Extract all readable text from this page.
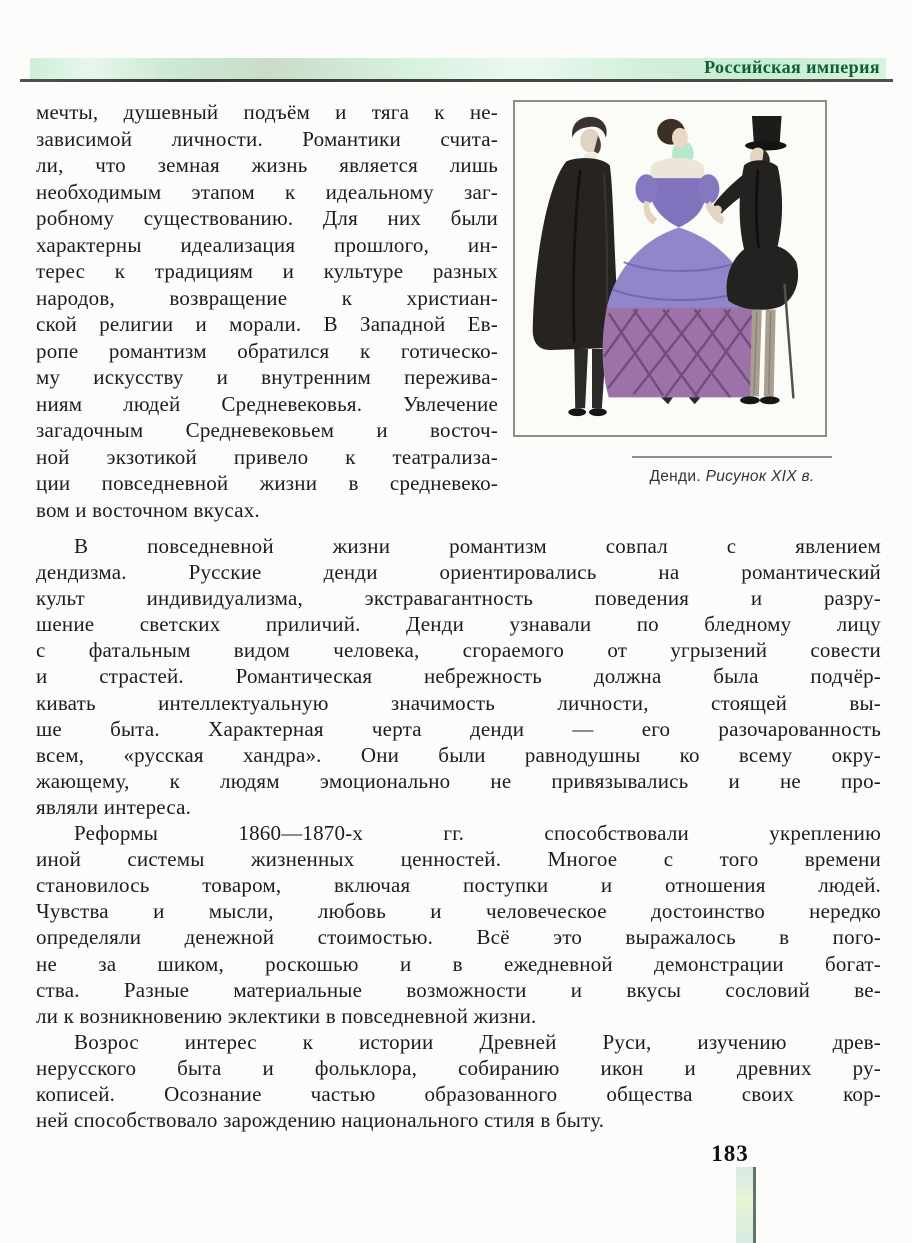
Российская империя
мечты, душевный подъём и тяга к не-
зависимой личности. Романтики счита-
ли, что земная жизнь является лишь
необходимым этапом к идеальному заг-
робному существованию. Для них были
характерны идеализация прошлого, ин-
терес к традициям и культуре разных
народов, возвращение к христиан-
ской религии и морали. В Западной Ев-
ропе романтизм обратился к готическо-
му искусству и внутренним пережива-
ниям людей Средневековья. Увлечение
загадочным Средневековьем и восточ-
ной экзотикой привело к театрализа-
ции повседневной жизни в средневеко-
вом и восточном вкусах.
Денди. Рисунок XIX в.
В повседневной жизни романтизм совпал с явлением
дендизма. Русские денди ориентировались на романтический
культ индивидуализма, экстравагантность поведения и разру-
шение светских приличий. Денди узнавали по бледному лицу
с фатальным видом человека, сгораемого от угрызений совести
и страстей. Романтическая небрежность должна была подчёр-
кивать интеллектуальную значимость личности, стоящей вы-
ше быта. Характерная черта денди — его разочарованность
всем, «русская хандра». Они были равнодушны ко всему окру-
жающему, к людям эмоционально не привязывались и не про-
являли интереса.
Реформы 1860—1870-х гг. способствовали укреплению
иной системы жизненных ценностей. Многое с того времени
становилось товаром, включая поступки и отношения людей.
Чувства и мысли, любовь и человеческое достоинство нередко
определяли денежной стоимостью. Всё это выражалось в пого-
не за шиком, роскошью и в ежедневной демонстрации богат-
ства. Разные материальные возможности и вкусы сословий ве-
ли к возникновению эклектики в повседневной жизни.
Возрос интерес к истории Древней Руси, изучению древ-
нерусского быта и фольклора, собиранию икон и древних ру-
кописей. Осознание частью образованного общества своих кор-
ней способствовало зарождению национального стиля в быту.
183
